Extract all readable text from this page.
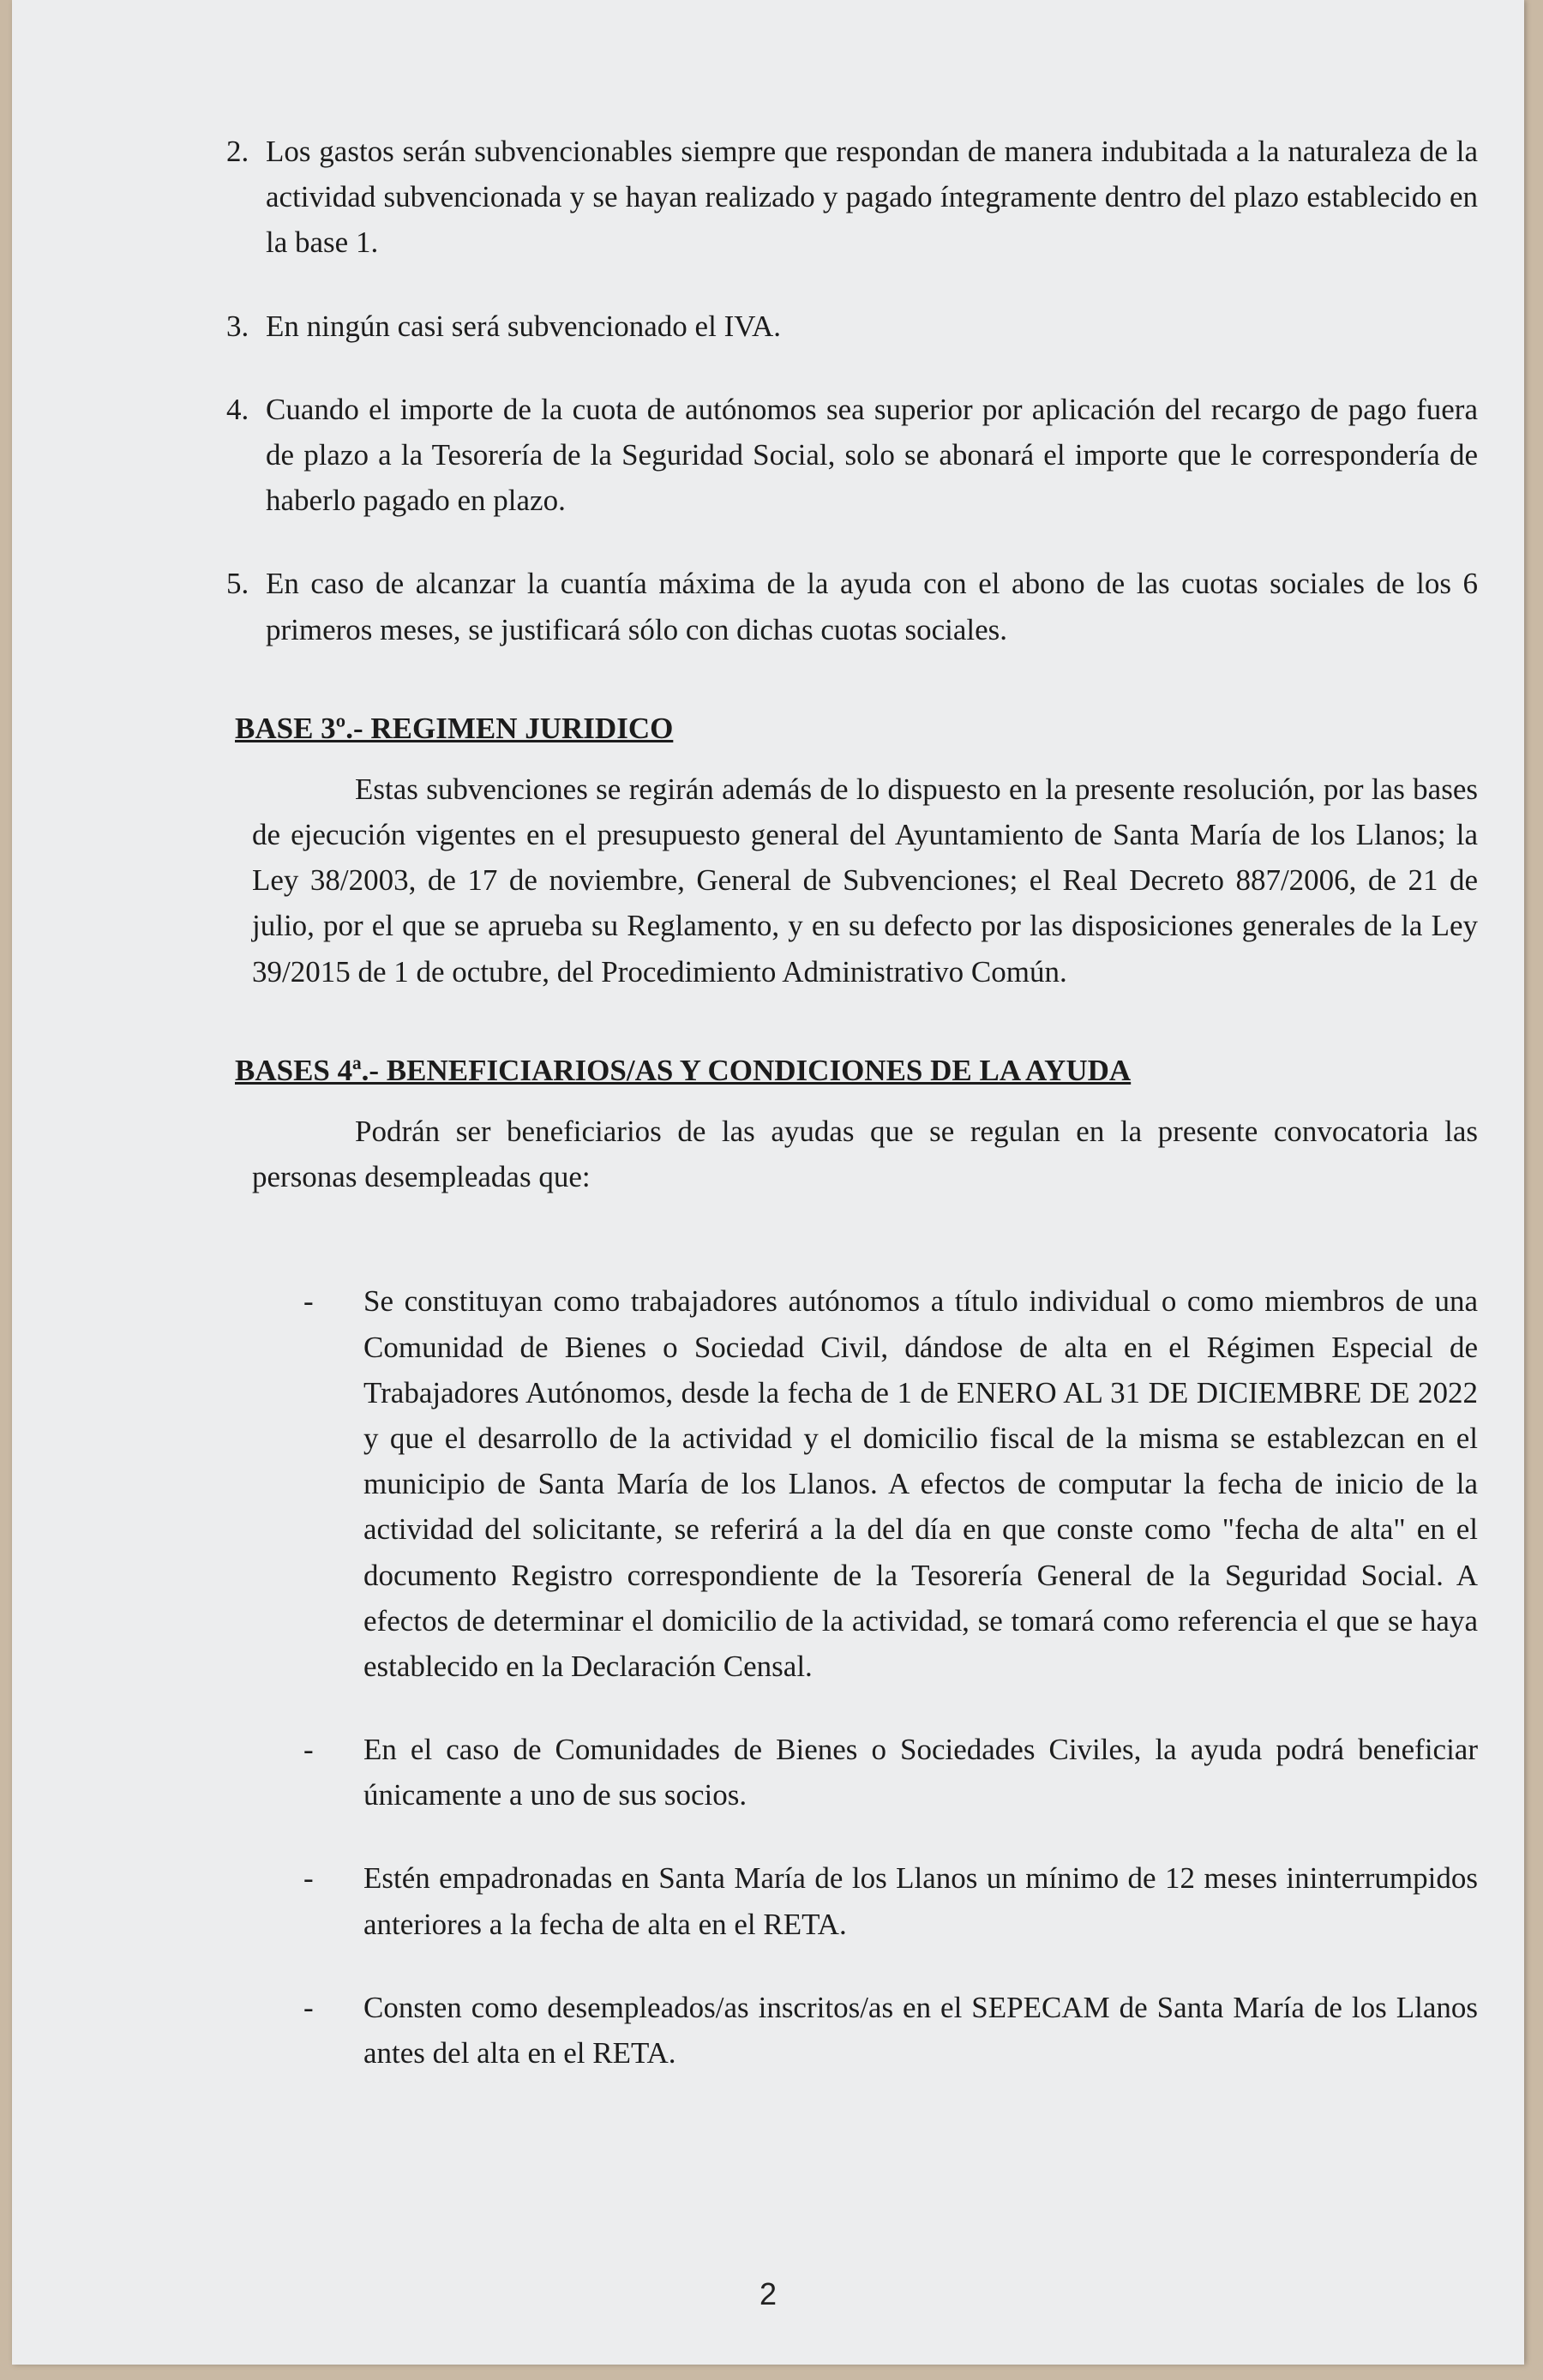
2. Los gastos serán subvencionables siempre que respondan de manera indubitada a la naturaleza de la actividad subvencionada y se hayan realizado y pagado íntegramente dentro del plazo establecido en la base 1.
3. En ningún casi será subvencionado el IVA.
4. Cuando el importe de la cuota de autónomos sea superior por aplicación del recargo de pago fuera de plazo a la Tesorería de la Seguridad Social, solo se abonará el importe que le correspondería de haberlo pagado en plazo.
5. En caso de alcanzar la cuantía máxima de la ayuda con el abono de las cuotas sociales de los 6 primeros meses, se justificará sólo con dichas cuotas sociales.
BASE 3º.- REGIMEN JURIDICO

Estas subvenciones se regirán además de lo dispuesto en la presente resolución, por las bases de ejecución vigentes en el presupuesto general del Ayuntamiento de Santa María de los Llanos; la Ley 38/2003, de 17 de noviembre, General de Subvenciones; el Real Decreto 887/2006, de 21 de julio, por el que se aprueba su Reglamento, y en su defecto por las disposiciones generales de la Ley 39/2015 de 1 de octubre, del Procedimiento Administrativo Común.

BASES 4ª.- BENEFICIARIOS/AS Y CONDICIONES DE LA AYUDA

Podrán ser beneficiarios de las ayudas que se regulan en la presente convocatoria las personas desempleadas que:

-	Se constituyan como trabajadores autónomos a título individual o como miembros de una Comunidad de Bienes o Sociedad Civil, dándose de alta en el Régimen Especial de Trabajadores Autónomos, desde la fecha de 1 de ENERO AL 31 DE DICIEMBRE DE 2022 y que el desarrollo de la actividad y el domicilio fiscal de la misma se establezcan en el municipio de Santa María de los Llanos. A efectos de computar la fecha de inicio de la actividad del solicitante, se referirá a la del día en que conste como "fecha de alta" en el documento Registro correspondiente de la Tesorería General de la Seguridad Social. A efectos de determinar el domicilio de la actividad, se tomará como referencia el que se haya establecido en la Declaración Censal.
-	En el caso de Comunidades de Bienes o Sociedades Civiles, la ayuda podrá beneficiar únicamente a uno de sus socios.
-	Estén empadronadas en Santa María de los Llanos un mínimo de 12 meses ininterrumpidos anteriores a la fecha de alta en el RETA.
-	Consten como desempleados/as inscritos/as en el SEPECAM de Santa María de los Llanos antes del alta en el RETA.
2
